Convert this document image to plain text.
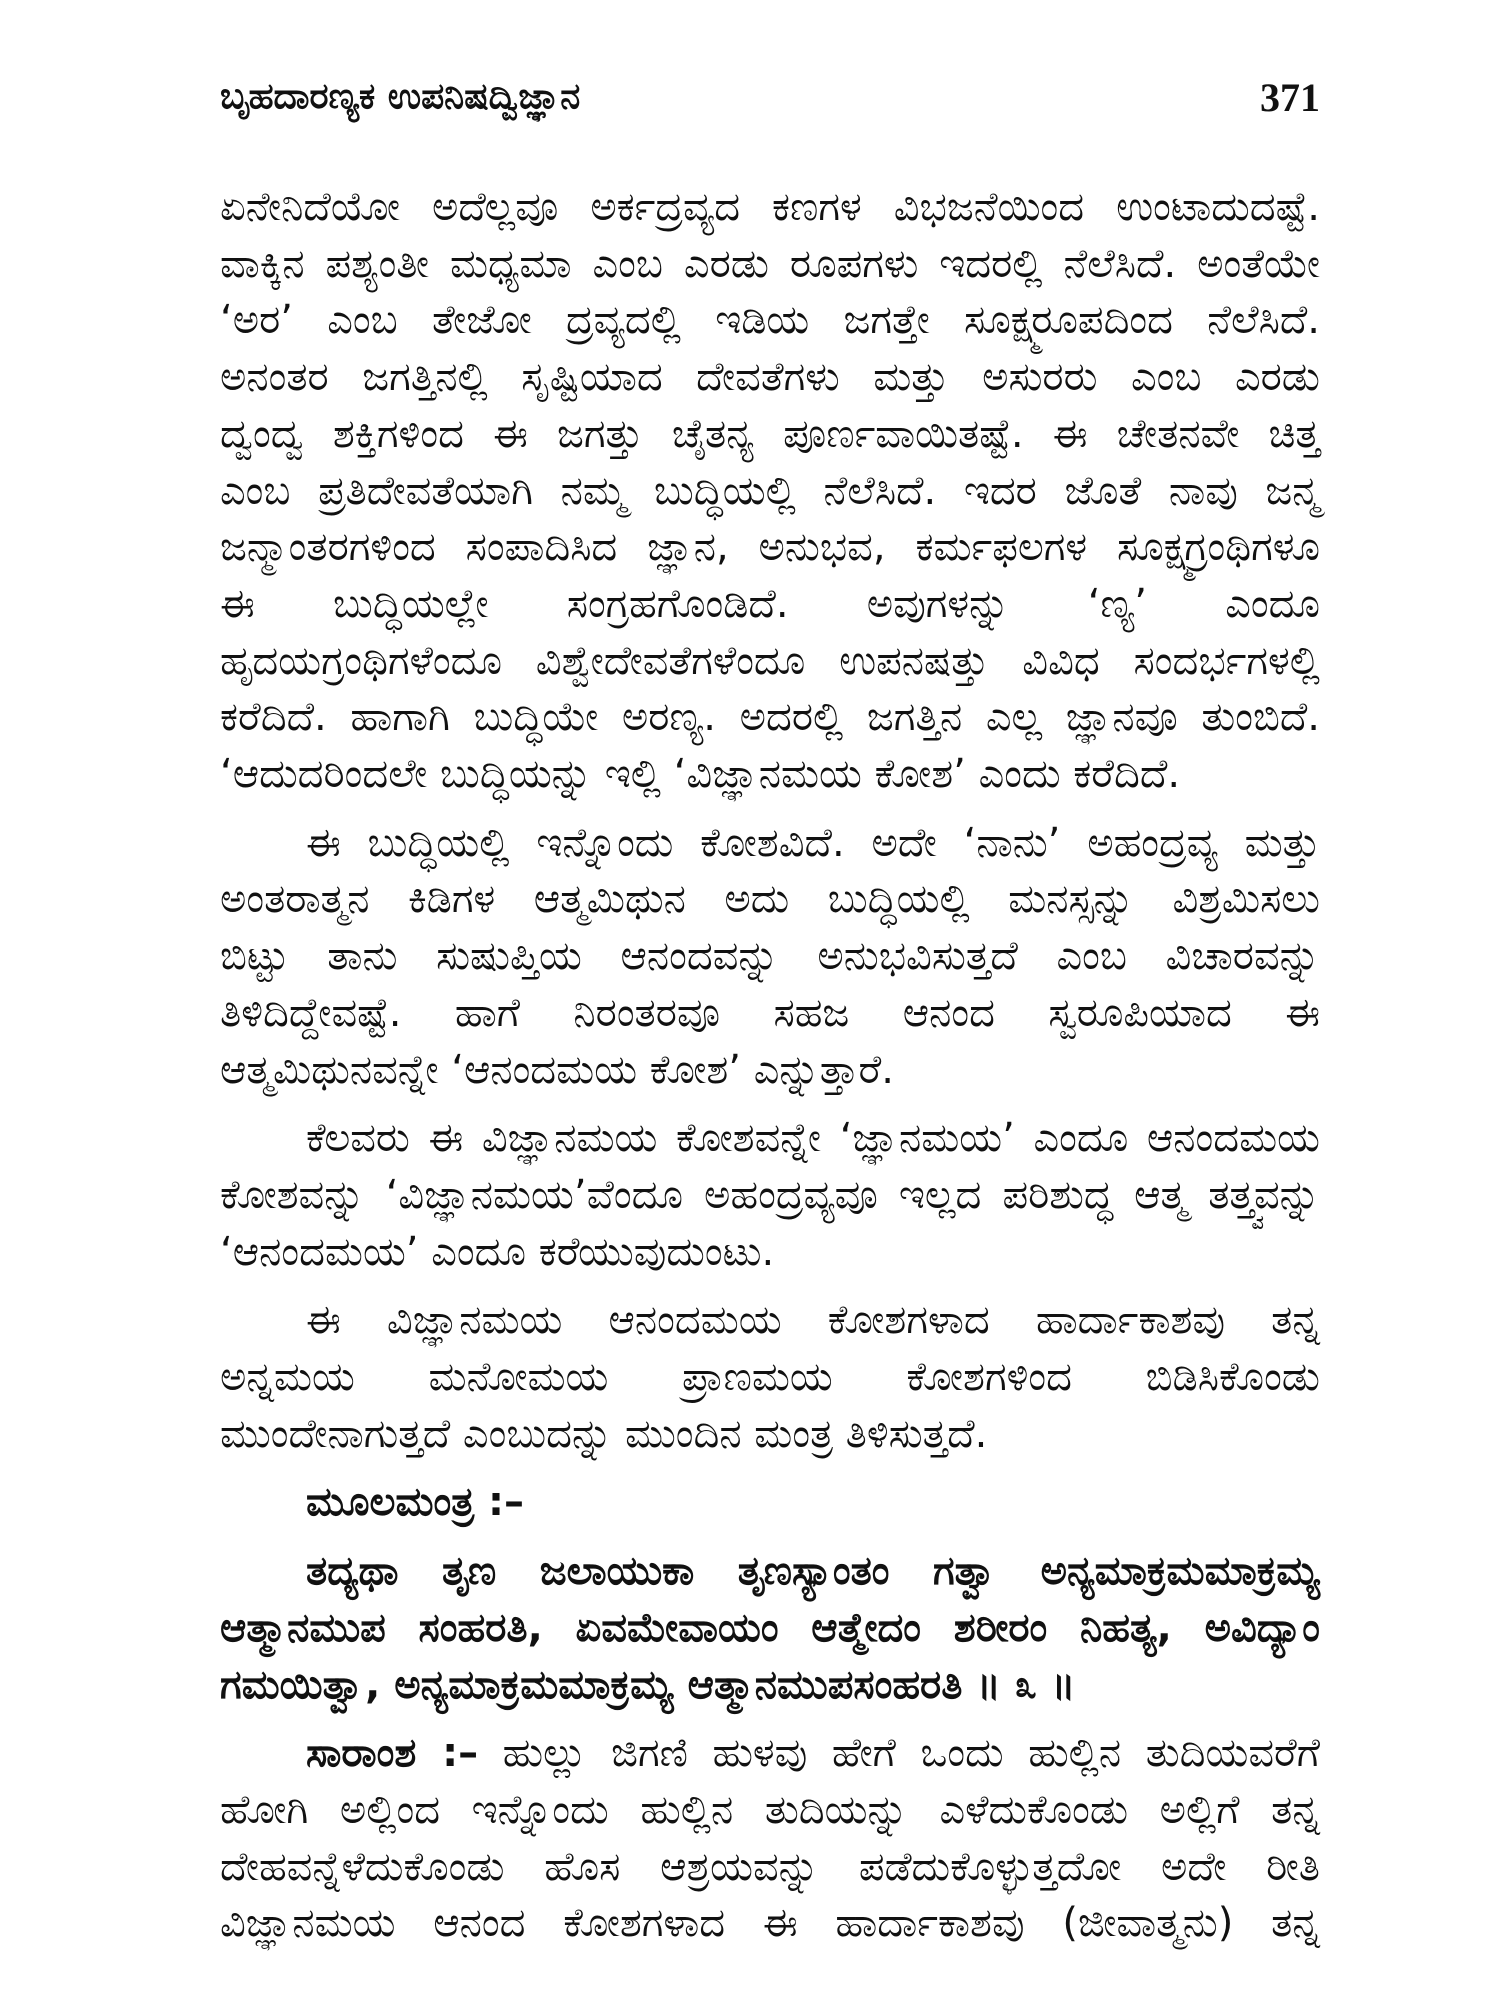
ಬೃಹದಾರಣ್ಯಕ ಉಪನಿಷದ್ವಿಜ್ಞಾನ	371
ಏನೇನಿದೆಯೋ ಅದೆಲ್ಲವೂ ಅರ್ಕದ್ರವ್ಯದ ಕಣಗಳ ವಿಭಜನೆಯಿಂದ ಉಂಟಾದುದಷ್ಟೆ.
ವಾಕ್ಕಿನ ಪಶ್ಯಂತೀ ಮಧ್ಯಮಾ ಎಂಬ ಎರಡು ರೂಪಗಳು ಇದರಲ್ಲಿ ನೆಲೆಸಿದೆ. ಅಂತೆಯೇ
‘ಅರ’ ಎಂಬ ತೇಜೋ ದ್ರವ್ಯದಲ್ಲಿ ಇಡಿಯ ಜಗತ್ತೇ ಸೂಕ್ಷ್ಮರೂಪದಿಂದ ನೆಲೆಸಿದೆ.
ಅನಂತರ ಜಗತ್ತಿನಲ್ಲಿ ಸೃಷ್ಟಿಯಾದ ದೇವತೆಗಳು ಮತ್ತು ಅಸುರರು ಎಂಬ ಎರಡು
ದ್ವಂದ್ವ ಶಕ್ತಿಗಳಿಂದ ಈ ಜಗತ್ತು ಚೈತನ್ಯ ಪೂರ್ಣವಾಯಿತಷ್ಟೆ. ಈ ಚೇತನವೇ ಚಿತ್ತ
ಎಂಬ ಪ್ರತಿದೇವತೆಯಾಗಿ ನಮ್ಮ ಬುದ್ಧಿಯಲ್ಲಿ ನೆಲೆಸಿದೆ. ಇದರ ಜೊತೆ ನಾವು ಜನ್ಮ
ಜನ್ಮಾಂತರಗಳಿಂದ ಸಂಪಾದಿಸಿದ ಜ್ಞಾನ, ಅನುಭವ, ಕರ್ಮಫಲಗಳ ಸೂಕ್ಷ್ಮಗ್ರಂಥಿಗಳೂ
ಈ ಬುದ್ಧಿಯಲ್ಲೇ ಸಂಗ್ರಹಗೊಂಡಿದೆ. ಅವುಗಳನ್ನು ‘ಣ್ಯ’ ಎಂದೂ
ಹೃದಯಗ್ರಂಥಿಗಳೆಂದೂ ವಿಶ್ವೇದೇವತೆಗಳೆಂದೂ ಉಪನಷತ್ತು ವಿವಿಧ ಸಂದರ್ಭಗಳಲ್ಲಿ
ಕರೆದಿದೆ. ಹಾಗಾಗಿ ಬುದ್ಧಿಯೇ ಅರಣ್ಯ. ಅದರಲ್ಲಿ ಜಗತ್ತಿನ ಎಲ್ಲ ಜ್ಞಾನವೂ ತುಂಬಿದೆ.
‘ಆದುದರಿಂದಲೇ ಬುದ್ಧಿಯನ್ನು ಇಲ್ಲಿ ‘ವಿಜ್ಞಾನಮಯ ಕೋಶ’ ಎಂದು ಕರೆದಿದೆ.
ಈ ಬುದ್ಧಿಯಲ್ಲಿ ಇನ್ನೊಂದು ಕೋಶವಿದೆ. ಅದೇ ‘ನಾನು’ ಅಹಂದ್ರವ್ಯ ಮತ್ತು
ಅಂತರಾತ್ಮನ ಕಿಡಿಗಳ ಆತ್ಮಮಿಥುನ ಅದು ಬುದ್ಧಿಯಲ್ಲಿ ಮನಸ್ಸನ್ನು ವಿಶ್ರಮಿಸಲು
ಬಿಟ್ಟು ತಾನು ಸುಷುಪ್ತಿಯ ಆನಂದವನ್ನು ಅನುಭವಿಸುತ್ತದೆ ಎಂಬ ವಿಚಾರವನ್ನು
ತಿಳಿದಿದ್ದೇವಷ್ಟೆ. ಹಾಗೆ ನಿರಂತರವೂ ಸಹಜ ಆನಂದ ಸ್ವರೂಪಿಯಾದ ಈ
ಆತ್ಮಮಿಥುನವನ್ನೇ ‘ಆನಂದಮಯ ಕೋಶ’ ಎನ್ನುತ್ತಾರೆ.
ಕೆಲವರು ಈ ವಿಜ್ಞಾನಮಯ ಕೋಶವನ್ನೇ ‘ಜ್ಞಾನಮಯ’ ಎಂದೂ ಆನಂದಮಯ
ಕೋಶವನ್ನು ‘ವಿಜ್ಞಾನಮಯ’ವೆಂದೂ ಅಹಂದ್ರವ್ಯವೂ ಇಲ್ಲದ ಪರಿಶುದ್ಧ ಆತ್ಮ ತತ್ತ್ವವನ್ನು
‘ಆನಂದಮಯ’ ಎಂದೂ ಕರೆಯುವುದುಂಟು.
ಈ ವಿಜ್ಞಾನಮಯ ಆನಂದಮಯ ಕೋಶಗಳಾದ ಹಾರ್ದಾಕಾಶವು ತನ್ನ
ಅನ್ನಮಯ ಮನೋಮಯ ಪ್ರಾಣಮಯ ಕೋಶಗಳಿಂದ ಬಿಡಿಸಿಕೊಂಡು
ಮುಂದೇನಾಗುತ್ತದೆ ಎಂಬುದನ್ನು ಮುಂದಿನ ಮಂತ್ರ ತಿಳಿಸುತ್ತದೆ.
ಮೂಲಮಂತ್ರ :–
ತದ್ಯಥಾ ತೃಣ ಜಲಾಯುಕಾ ತೃಣಸ್ಯಾಂತಂ ಗತ್ವಾ ಅನ್ಯಮಾಕ್ರಮಮಾಕ್ರಮ್ಯ
ಆತ್ಮಾನಮುಪ ಸಂಹರತಿ, ಏವಮೇವಾಯಂ ಆತ್ಮೇದಂ ಶರೀರಂ ನಿಹತ್ಯ, ಅವಿದ್ಯಾಂ
ಗಮಯಿತ್ವಾ, ಅನ್ಯಮಾಕ್ರಮಮಾಕ್ರಮ್ಯ ಆತ್ಮಾನಮುಪಸಂಹರತಿ ॥ ೩ ॥
ಸಾರಾಂಶ :– ಹುಲ್ಲು ಜಿಗಣಿ ಹುಳವು ಹೇಗೆ ಒಂದು ಹುಲ್ಲಿನ ತುದಿಯವರೆಗೆ
ಹೋಗಿ ಅಲ್ಲಿಂದ ಇನ್ನೊಂದು ಹುಲ್ಲಿನ ತುದಿಯನ್ನು ಎಳೆದುಕೊಂಡು ಅಲ್ಲಿಗೆ ತನ್ನ
ದೇಹವನ್ನೆಳೆದುಕೊಂಡು ಹೊಸ ಆಶ್ರಯವನ್ನು ಪಡೆದುಕೊಳ್ಳುತ್ತದೋ ಅದೇ ರೀತಿ
ವಿಜ್ಞಾನಮಯ ಆನಂದ ಕೋಶಗಳಾದ ಈ ಹಾರ್ದಾಕಾಶವು (ಜೀವಾತ್ಮನು) ತನ್ನ
